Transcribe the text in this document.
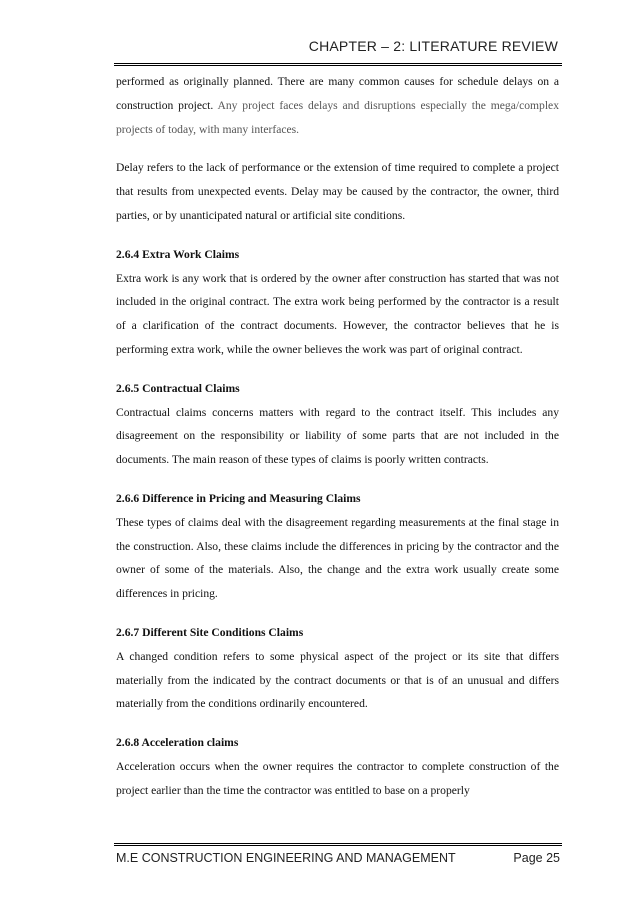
CHAPTER – 2: LITERATURE REVIEW

performed as originally planned. There are many common causes for schedule delays on a construction project. Any project faces delays and disruptions especially the mega/complex projects of today, with many interfaces.

Delay refers to the lack of performance or the extension of time required to complete a project that results from unexpected events. Delay may be caused by the contractor, the owner, third parties, or by unanticipated natural or artificial site conditions.

2.6.4 Extra Work Claims

Extra work is any work that is ordered by the owner after construction has started that was not included in the original contract. The extra work being performed by the contractor is a result of a clarification of the contract documents. However, the contractor believes that he is performing extra work, while the owner believes the work was part of original contract.

2.6.5 Contractual Claims

Contractual claims concerns matters with regard to the contract itself. This includes any disagreement on the responsibility or liability of some parts that are not included in the documents. The main reason of these types of claims is poorly written contracts.

2.6.6 Difference in Pricing and Measuring Claims

These types of claims deal with the disagreement regarding measurements at the final stage in the construction. Also, these claims include the differences in pricing by the contractor and the owner of some of the materials. Also, the change and the extra work usually create some differences in pricing.

2.6.7 Different Site Conditions Claims

A changed condition refers to some physical aspect of the project or its site that differs materially from the indicated by the contract documents or that is of an unusual and differs materially from the conditions ordinarily encountered.

2.6.8 Acceleration claims

Acceleration occurs when the owner requires the contractor to complete construction of the project earlier than the time the contractor was entitled to base on a properly

M.E CONSTRUCTION ENGINEERING AND MANAGEMENT	Page 25
